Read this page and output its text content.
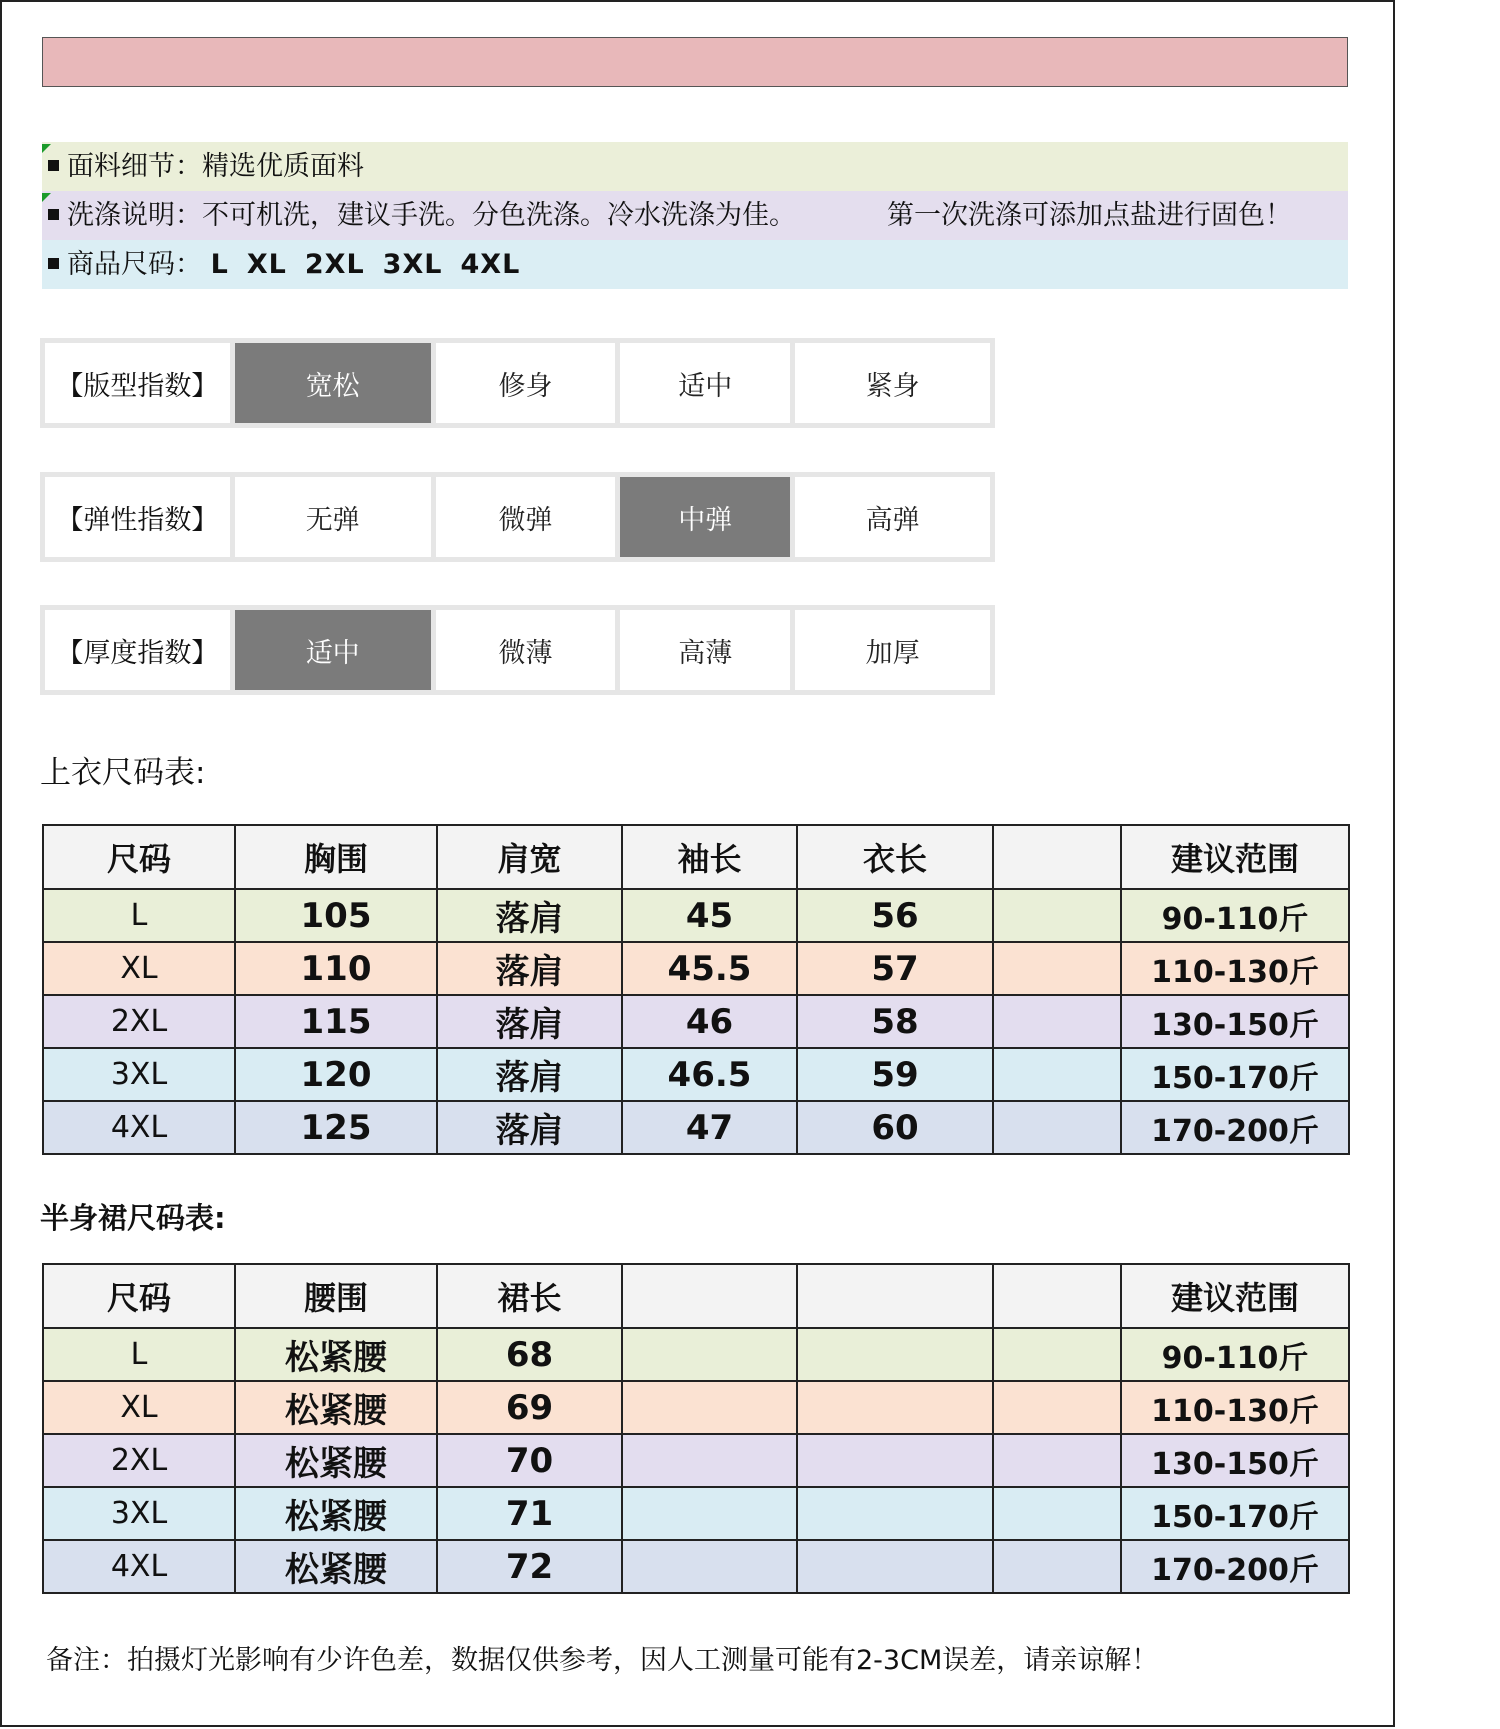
面料细节：精选优质面料
洗涤说明：不可机洗，建议手洗。分色洗涤。冷水洗涤为佳。	第一次洗涤可添加点盐进行固色！
商品尺码： L XL 2XL 3XL 4XL
【版型指数】	宽松	修身	适中	紧身
【弹性指数】	无弹	微弹	中弹	高弹
【厚度指数】	适中	微薄	高薄	加厚
上衣尺码表:
尺码	胸围	肩宽	袖长	衣长		建议范围
L	105	落肩	45	56		90-110斤
XL	110	落肩	45.5	57		110-130斤
2XL	115	落肩	46	58		130-150斤
3XL	120	落肩	46.5	59		150-170斤
4XL	125	落肩	47	60		170-200斤
半身裙尺码表:
尺码	腰围	裙长				建议范围
L	松紧腰	68				90-110斤
XL	松紧腰	69				110-130斤
2XL	松紧腰	70				130-150斤
3XL	松紧腰	71				150-170斤
4XL	松紧腰	72				170-200斤
备注：拍摄灯光影响有少许色差，数据仅供参考，因人工测量可能有2-3CM误差，请亲谅解！
